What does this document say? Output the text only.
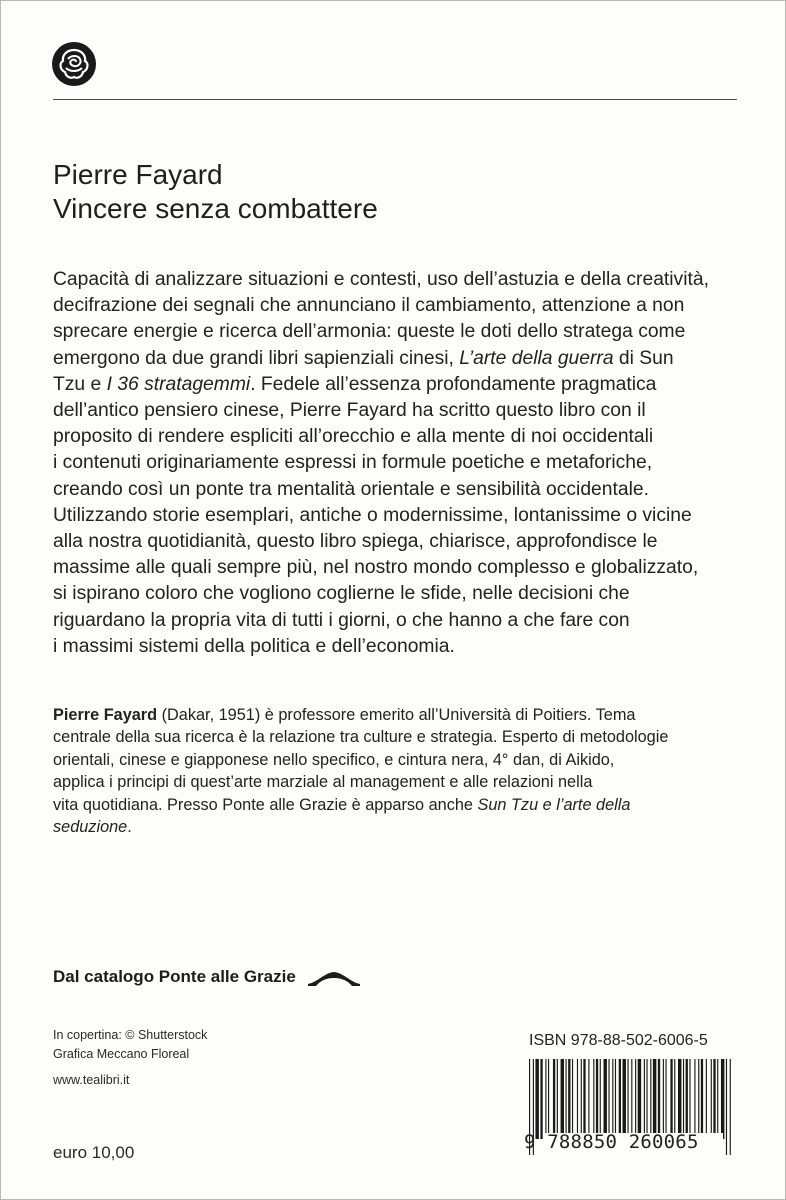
Pierre Fayard
Vincere senza combattere
Capacità di analizzare situazioni e contesti, uso dell’astuzia e della creatività,
decifrazione dei segnali che annunciano il cambiamento, attenzione a non
sprecare energie e ricerca dell’armonia: queste le doti dello stratega come
emergono da due grandi libri sapienziali cinesi, L’arte della guerra di Sun
Tzu e I 36 stratagemmi. Fedele all’essenza profondamente pragmatica
dell’antico pensiero cinese, Pierre Fayard ha scritto questo libro con il
proposito di rendere espliciti all’orecchio e alla mente di noi occidentali
i contenuti originariamente espressi in formule poetiche e metaforiche,
creando così un ponte tra mentalità orientale e sensibilità occidentale.
Utilizzando storie esemplari, antiche o modernissime, lontanissime o vicine
alla nostra quotidianità, questo libro spiega, chiarisce, approfondisce le
massime alle quali sempre più, nel nostro mondo complesso e globalizzato,
si ispirano coloro che vogliono coglierne le sfide, nelle decisioni che
riguardano la propria vita di tutti i giorni, o che hanno a che fare con
i massimi sistemi della politica e dell’economia.
Pierre Fayard (Dakar, 1951) è professore emerito all’Università di Poitiers. Tema
centrale della sua ricerca è la relazione tra culture e strategia. Esperto di metodologie
orientali, cinese e giapponese nello specifico, e cintura nera, 4° dan, di Aikido,
applica i principi di quest’arte marziale al management e alle relazioni nella
vita quotidiana. Presso Ponte alle Grazie è apparso anche Sun Tzu e l’arte della
seduzione.
Dal catalogo Ponte alle Grazie
In copertina: © Shutterstock
Grafica Meccano Floreal
www.tealibri.it
euro 10,00
ISBN 978-88-502-6006-5
9 788850 260065
